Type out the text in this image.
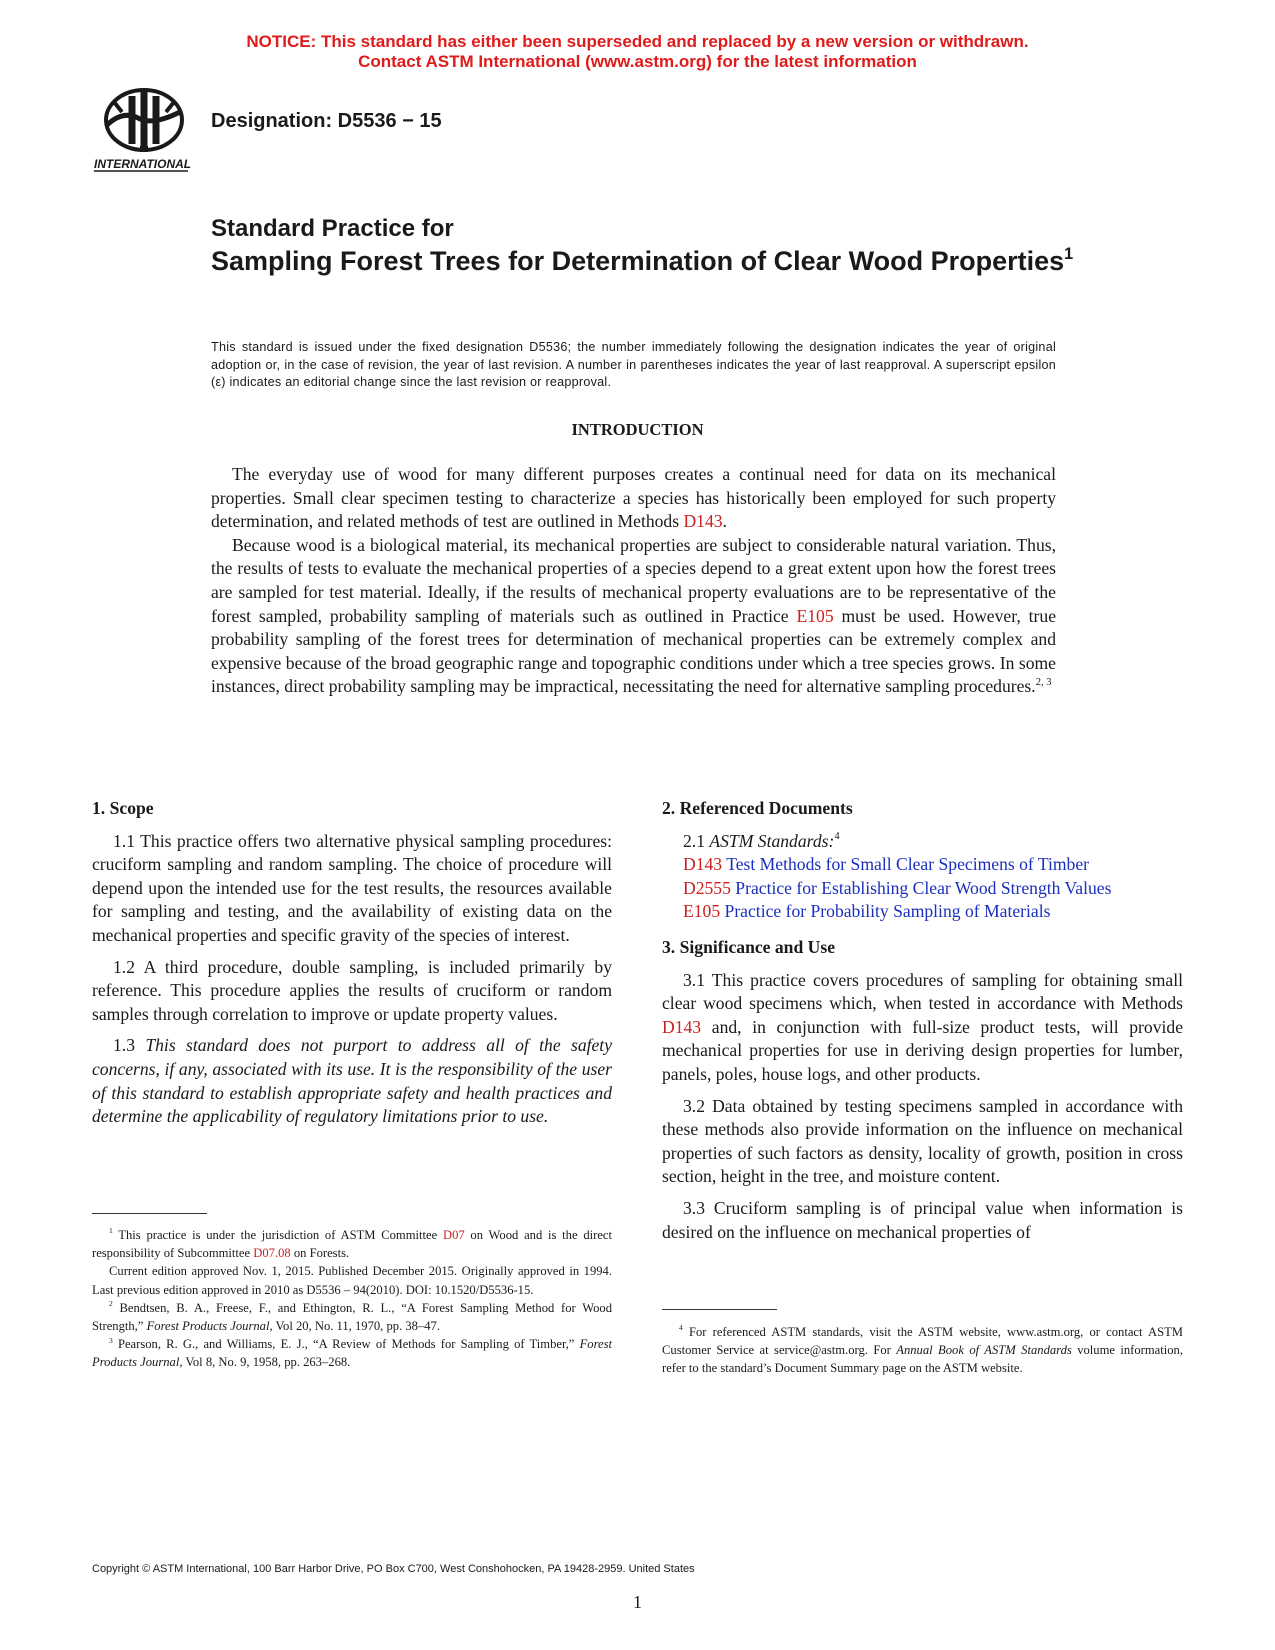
NOTICE: This standard has either been superseded and replaced by a new version or withdrawn.
Contact ASTM International (www.astm.org) for the latest information
INTERNATIONAL
Designation: D5536 − 15
Standard Practice for
Sampling Forest Trees for Determination of Clear Wood Properties$^1$
This standard is issued under the fixed designation D5536; the number immediately following the designation indicates the year of original adoption or, in the case of revision, the year of last revision. A number in parentheses indicates the year of last reapproval. A superscript epsilon (ε) indicates an editorial change since the last revision or reapproval.
INTRODUCTION

The everyday use of wood for many different purposes creates a continual need for data on its mechanical properties. Small clear specimen testing to characterize a species has historically been employed for such property determination, and related methods of test are outlined in Methods D143.

Because wood is a biological material, its mechanical properties are subject to considerable natural variation. Thus, the results of tests to evaluate the mechanical properties of a species depend to a great extent upon how the forest trees are sampled for test material. Ideally, if the results of mechanical property evaluations are to be representative of the forest sampled, probability sampling of materials such as outlined in Practice E105 must be used. However, true probability sampling of the forest trees for determination of mechanical properties can be extremely complex and expensive because of the broad geographic range and topographic conditions under which a tree species grows. In some instances, direct probability sampling may be impractical, necessitating the need for alternative sampling procedures.$^{2, 3}$

1. Scope

1.1 This practice offers two alternative physical sampling procedures: cruciform sampling and random sampling. The choice of procedure will depend upon the intended use for the test results, the resources available for sampling and testing, and the availability of existing data on the mechanical properties and specific gravity of the species of interest.

1.2 A third procedure, double sampling, is included primarily by reference. This procedure applies the results of cruciform or random samples through correlation to improve or update property values.

1.3 This standard does not purport to address all of the safety concerns, if any, associated with its use. It is the responsibility of the user of this standard to establish appropriate safety and health practices and determine the applicability of regulatory limitations prior to use.

2. Referenced Documents

2.1 ASTM Standards:$^4$

D143 Test Methods for Small Clear Specimens of Timber
D2555 Practice for Establishing Clear Wood Strength Values
E105 Practice for Probability Sampling of Materials
3. Significance and Use

3.1 This practice covers procedures of sampling for obtaining small clear wood specimens which, when tested in accordance with Methods D143 and, in conjunction with full-size product tests, will provide mechanical properties for use in deriving design properties for lumber, panels, poles, house logs, and other products.

3.2 Data obtained by testing specimens sampled in accordance with these methods also provide information on the influence on mechanical properties of such factors as density, locality of growth, position in cross section, height in the tree, and moisture content.

3.3 Cruciform sampling is of principal value when information is desired on the influence on mechanical properties of

$^1$ This practice is under the jurisdiction of ASTM Committee D07 on Wood and is the direct responsibility of Subcommittee D07.08 on Forests.

Current edition approved Nov. 1, 2015. Published December 2015. Originally approved in 1994. Last previous edition approved in 2010 as D5536 – 94(2010). DOI: 10.1520/D5536-15.

$^2$ Bendtsen, B. A., Freese, F., and Ethington, R. L., “A Forest Sampling Method for Wood Strength,” Forest Products Journal, Vol 20, No. 11, 1970, pp. 38–47.

$^3$ Pearson, R. G., and Williams, E. J., “A Review of Methods for Sampling of Timber,” Forest Products Journal, Vol 8, No. 9, 1958, pp. 263–268.

$^4$ For referenced ASTM standards, visit the ASTM website, www.astm.org, or contact ASTM Customer Service at service@astm.org. For Annual Book of ASTM Standards volume information, refer to the standard’s Document Summary page on the ASTM website.

Copyright © ASTM International, 100 Barr Harbor Drive, PO Box C700, West Conshohocken, PA 19428-2959. United States
1
